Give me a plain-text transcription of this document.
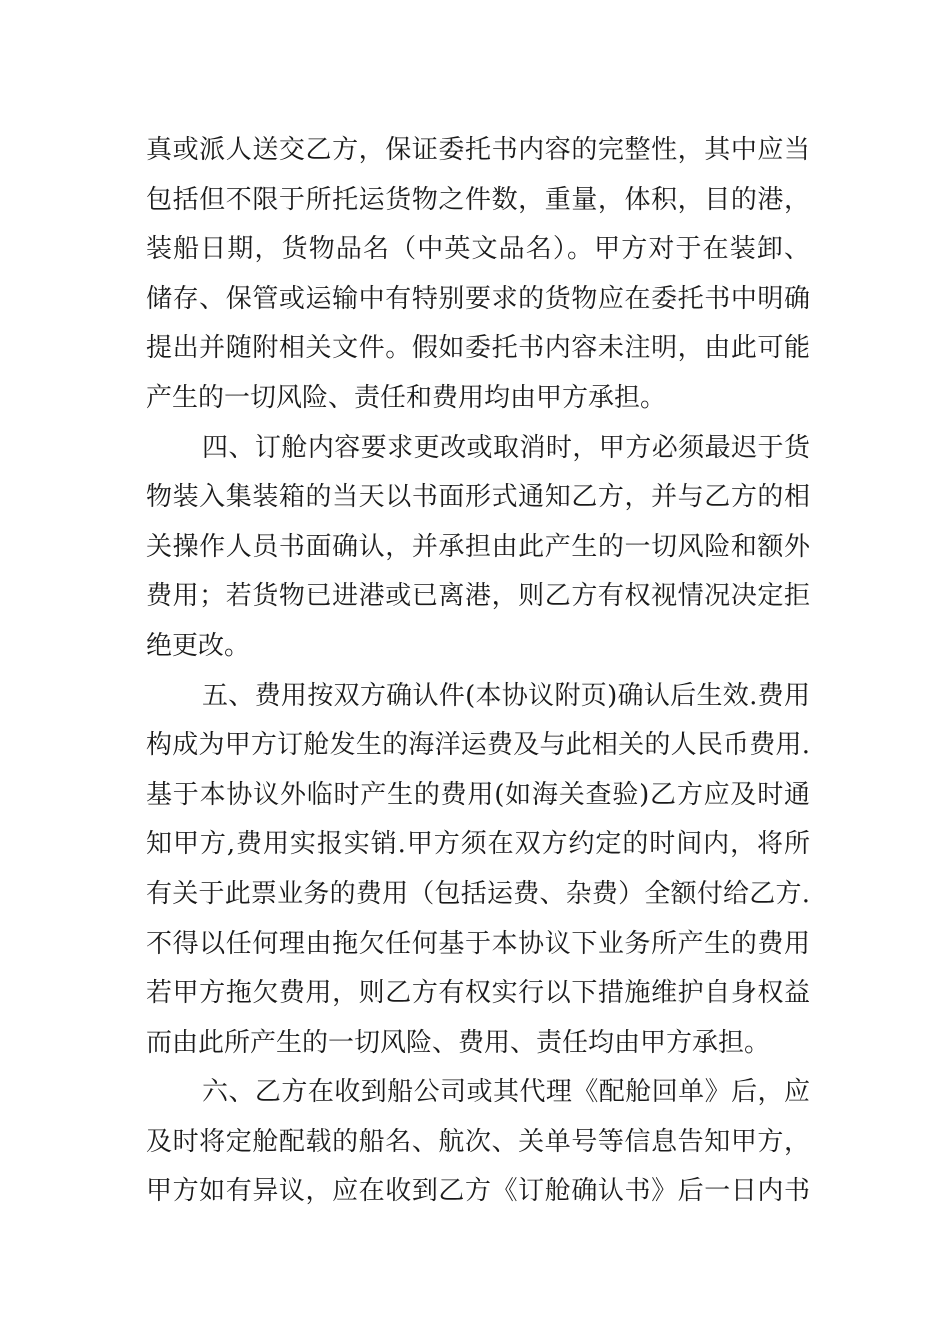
真或派人送交乙方，保证委托书内容的完整性，其中应当
包括但不限于所托运货物之件数，重量，体积，目的港，
装船日期，货物品名（中英文品名）。甲方对于在装卸、
储存、保管或运输中有特别要求的货物应在委托书中明确
提出并随附相关文件。假如委托书内容未注明，由此可能
产生的一切风险、责任和费用均由甲方承担。
四、订舱内容要求更改或取消时，甲方必须最迟于货
物装入集装箱的当天以书面形式通知乙方，并与乙方的相
关操作人员书面确认，并承担由此产生的一切风险和额外
费用；若货物已进港或已离港，则乙方有权视情况决定拒
绝更改。
五、费用按双方确认件(本协议附页)确认后生效.费用
构成为甲方订舱发生的海洋运费及与此相关的人民币费用.
基于本协议外临时产生的费用(如海关查验)乙方应及时通
知甲方,费用实报实销.甲方须在双方约定的时间内，将所
有关于此票业务的费用（包括运费、杂费）全额付给乙方.
不得以任何理由拖欠任何基于本协议下业务所产生的费用
若甲方拖欠费用，则乙方有权实行以下措施维护自身权益
而由此所产生的一切风险、费用、责任均由甲方承担。
六、乙方在收到船公司或其代理《配舱回单》后，应
及时将定舱配载的船名、航次、关单号等信息告知甲方，
甲方如有异议，应在收到乙方《订舱确认书》后一日内书
